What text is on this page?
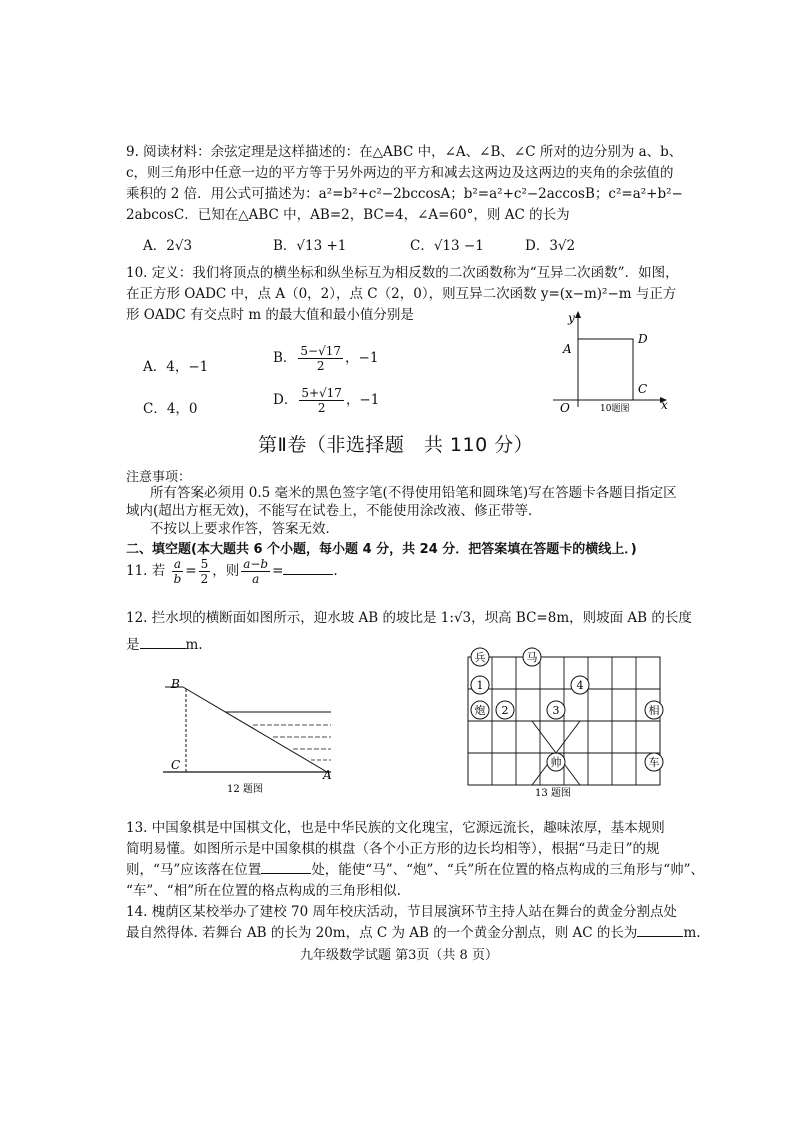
9. 阅读材料：余弦定理是这样描述的：在△ABC 中，∠A、∠B、∠C 所对的边分别为 a、b、
c，则三角形中任意一边的平方等于另外两边的平方和减去这两边及这两边的夹角的余弦值的
乘积的 2 倍．用公式可描述为：a²=b²+c²−2bccosA；b²=a²+c²−2accosB；c²=a²+b²−
2abcosC．已知在△ABC 中，AB=2，BC=4，∠A=60°，则 AC 的长为
A．2√3	B．√13 +1	C．√13 −1	D．3√2
10. 定义：我们将顶点的横坐标和纵坐标互为相反数的二次函数称为“互异二次函数”．如图，
在正方形 OADC 中，点 A（0，2），点 C（2，0），则互异二次函数 y=(x−m)²−m 与正方
形 OADC 有交点时 m 的最大值和最小值分别是
A．4，−1
B． $\frac{5-√17}{2}$ ，−1
C．4，0
D． $\frac{5+√17}{2}$ ，−1
y
x
O
A
D
C
10题图
第Ⅱ卷（非选择题　共 110 分）
注意事项：
所有答案必须用 0.5 毫米的黑色签字笔(不得使用铅笔和圆珠笔)写在答题卡各题目指定区
域内(超出方框无效)，不能写在试卷上，不能使用涂改液、修正带等．
不按以上要求作答，答案无效．
二、填空题(本大题共 6 个小题，每小题 4 分，共 24 分．把答案填在答题卡的横线上．)
11. 若 $\frac{a}{b} = \frac{5}{2}$ ，则 $\frac{a-b}{a}$ =	.
12. 拦水坝的横断面如图所示，迎水坡 AB 的坡比是 1:√3，坝高 BC=8m，则坡面 AB 的长度
是	m.
B
C
A
12 题图
兵	马
1	4
炮 2	3	相
帅	车
13 题图
13. 中国象棋是中国棋文化，也是中华民族的文化瑰宝，它源远流长，趣味浓厚，基本规则
简明易懂。如图所示是中国象棋的棋盘（各个小正方形的边长均相等），根据“马走日”的规
则，“马”应该落在位置	处，能使“马”、“炮”、“兵”所在位置的格点构成的三角形与“帅”、
“车”、“相”所在位置的格点构成的三角形相似.
14. 槐荫区某校举办了建校 70 周年校庆活动，节目展演环节主持人站在舞台的黄金分割点处
最自然得体. 若舞台 AB 的长为 20m，点 C 为 AB 的一个黄金分割点，则 AC 的长为	m.
九年级数学试题 第3页（共 8 页）
